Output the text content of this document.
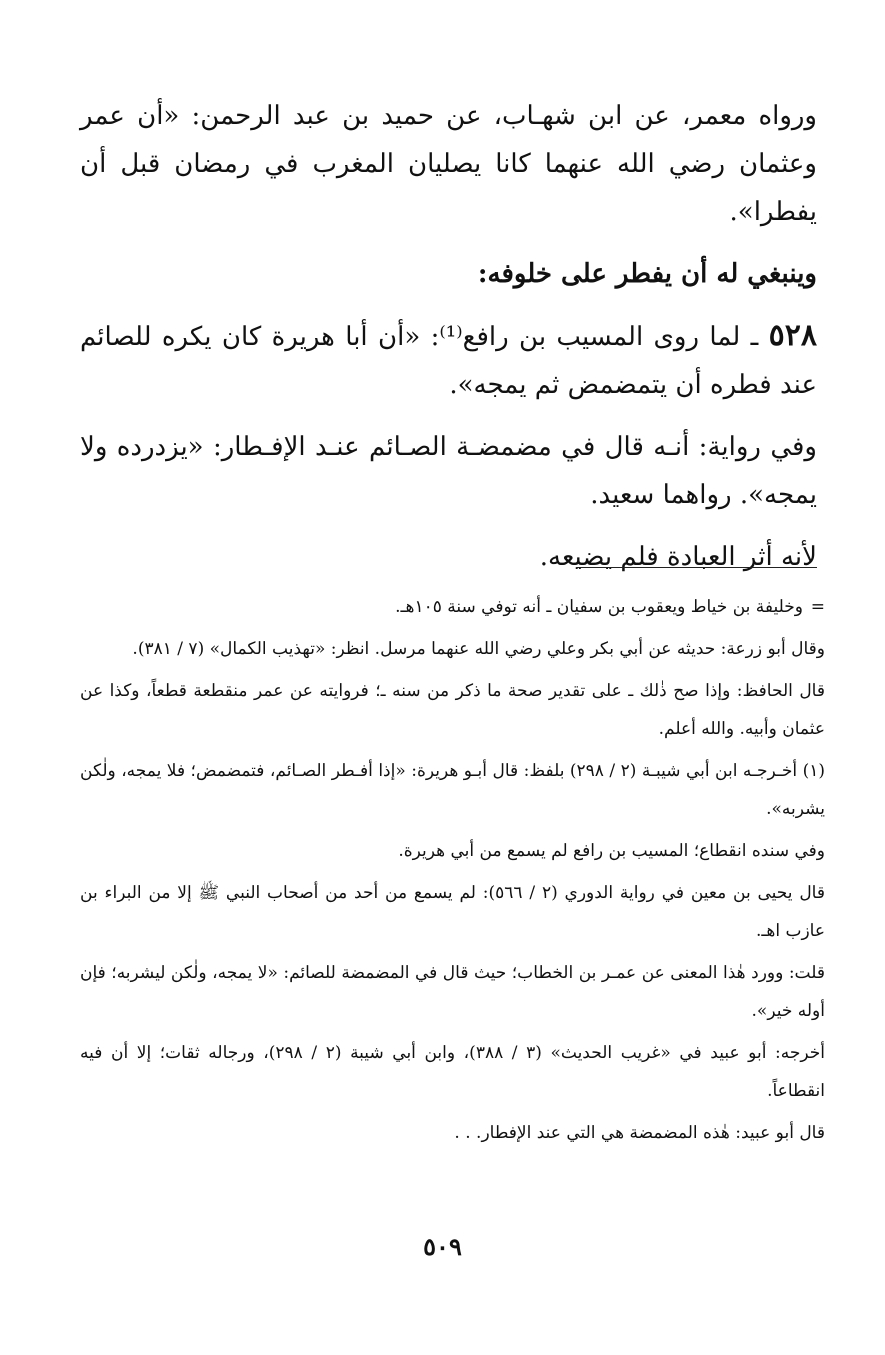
ورواه معمر، عن ابن شهـاب، عن حميد بن عبد الرحمن: «أن عمر وعثمان رضي الله عنهما كانا يصليان المغرب في رمضان قبل أن يفطرا».

وينبغي له أن يفطر على خلوفه:

٥٢٨ ـ لما روى المسيب بن رافع⁽¹⁾: «أن أبا هريرة كان يكره للصائم عند فطره أن يتمضمض ثم يمجه».

وفي رواية: أنـه قال في مضمضـة الصـائم عنـد الإفـطار: «يزدرده ولا يمجه». رواهما سعيد.

لأنه أثر العبادة فلم يضيعه.

=
وخليفة بن خياط ويعقوب بن سفيان ـ أنه توفي سنة ١٠٥هـ.

وقال أبو زرعة: حديثه عن أبي بكر وعلي رضي الله عنهما مرسل. انظر: «تهذيب الكمال» (٧ / ٣٨١).

قال الحافظ: وإذا صح ذٰلك ـ على تقدير صحة ما ذكر من سنه ـ؛ فروايته عن عمر منقطعة قطعاً، وكذا عن عثمان وأبيه. والله أعلم.

(١) أخـرجـه ابن أبي شيبـة (٢ / ٢٩٨) بلفظ: قال أبـو هريرة: «إذا أفـطر الصـائم، فتمضمض؛ فلا يمجه، ولٰكن يشربه».

وفي سنده انقطاع؛ المسيب بن رافع لم يسمع من أبي هريرة.

قال يحيى بن معين في رواية الدوري (٢ / ٥٦٦): لم يسمع من أحد من أصحاب النبي ﷺ إلا من البراء بن عازب اهـ.

قلت: وورد هٰذا المعنى عن عمـر بن الخطاب؛ حيث قال في المضمضة للصائم: «لا يمجه، ولٰكن ليشربه؛ فإن أوله خير».

أخرجه: أبو عبيد في «غريب الحديث» (٣ / ٣٨٨)، وابن أبي شيبة (٢ / ٢٩٨)، ورجاله ثقات؛ إلا أن فيه انقطاعاً.

قال أبو عبيد: هٰذه المضمضة هي التي عند الإفطار. . .

٥٠٩
